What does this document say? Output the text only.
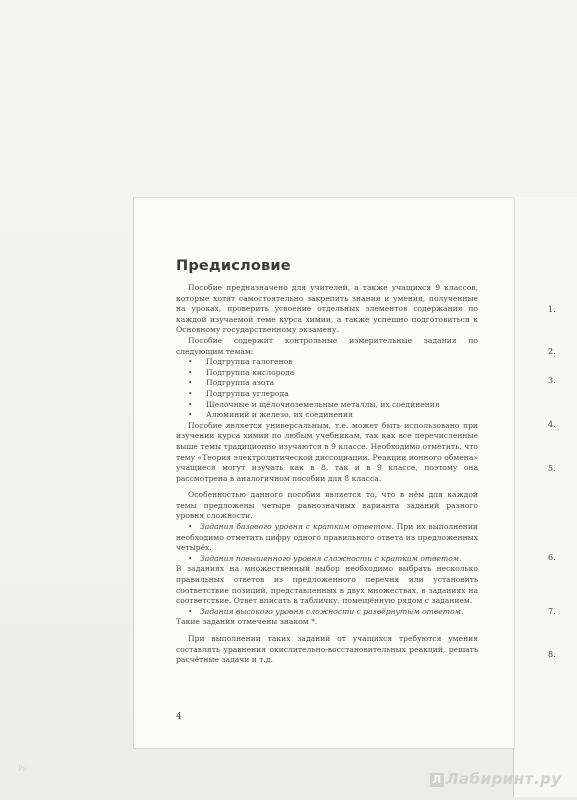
Предисловие

Пособие предназначено для учителей, а также учащихся 9 классов, которые хотят самостоятельно закрепить знания и умения, полученные на уроках, проверить усвоение отдельных элементов содержания по каждой изучаемой теме курса химии, а также успешно подготовиться к Основному государственному экзамену.

Пособие содержит контрольные измерительные задания по следующим темам:

• Подгруппа галогенов
• Подгруппа кислорода
• Подгруппа азота
• Подгруппа углерода
• Щелочные и щёлочноземельные металлы, их соединения
• Алюминий и железо, их соединения

Пособие является универсальным, т.е. может быть использовано при изучении курса химии по любым учебникам, так как все перечисленные выше темы традиционно изучаются в 9 классе. Необходимо отметить, что тему «Теория электролитической диссоциации. Реакции ионного обмена» учащиеся могут изучать как в 8, так и в 9 классе, поэтому она рассмотрена в аналогичном пособии для 8 класса.

Особенностью данного пособия является то, что в нём для каждой темы предложены четыре равнозначных варианта заданий разного уровня сложности.

• Задания базового уровня с кратким ответом. При их выполнении необходимо отметить цифру одного правильного ответа из предложенных четырёх.

• Задания повышенного уровня сложности с кратким ответом.

В заданиях на множественный выбор необходимо выбрать несколько правильных ответов из предложенного перечня или установить соответствие позиций, представленных в двух множествах, в заданиях на соответствие. Ответ вписать в табличку, помещённую рядом с заданием.

• Задания высокого уровня сложности с развёрнутым ответом.

Такие задания отмечены знаком *.

При выполнении таких заданий от учащихся требуются умения составлять уравнения окислительно-восстановительных реакций, решать расчётные задачи и т.д.

4
1.
2.
3.
4.
5.
6.
7.
8.
Рь
Л Лабиринт.ру
